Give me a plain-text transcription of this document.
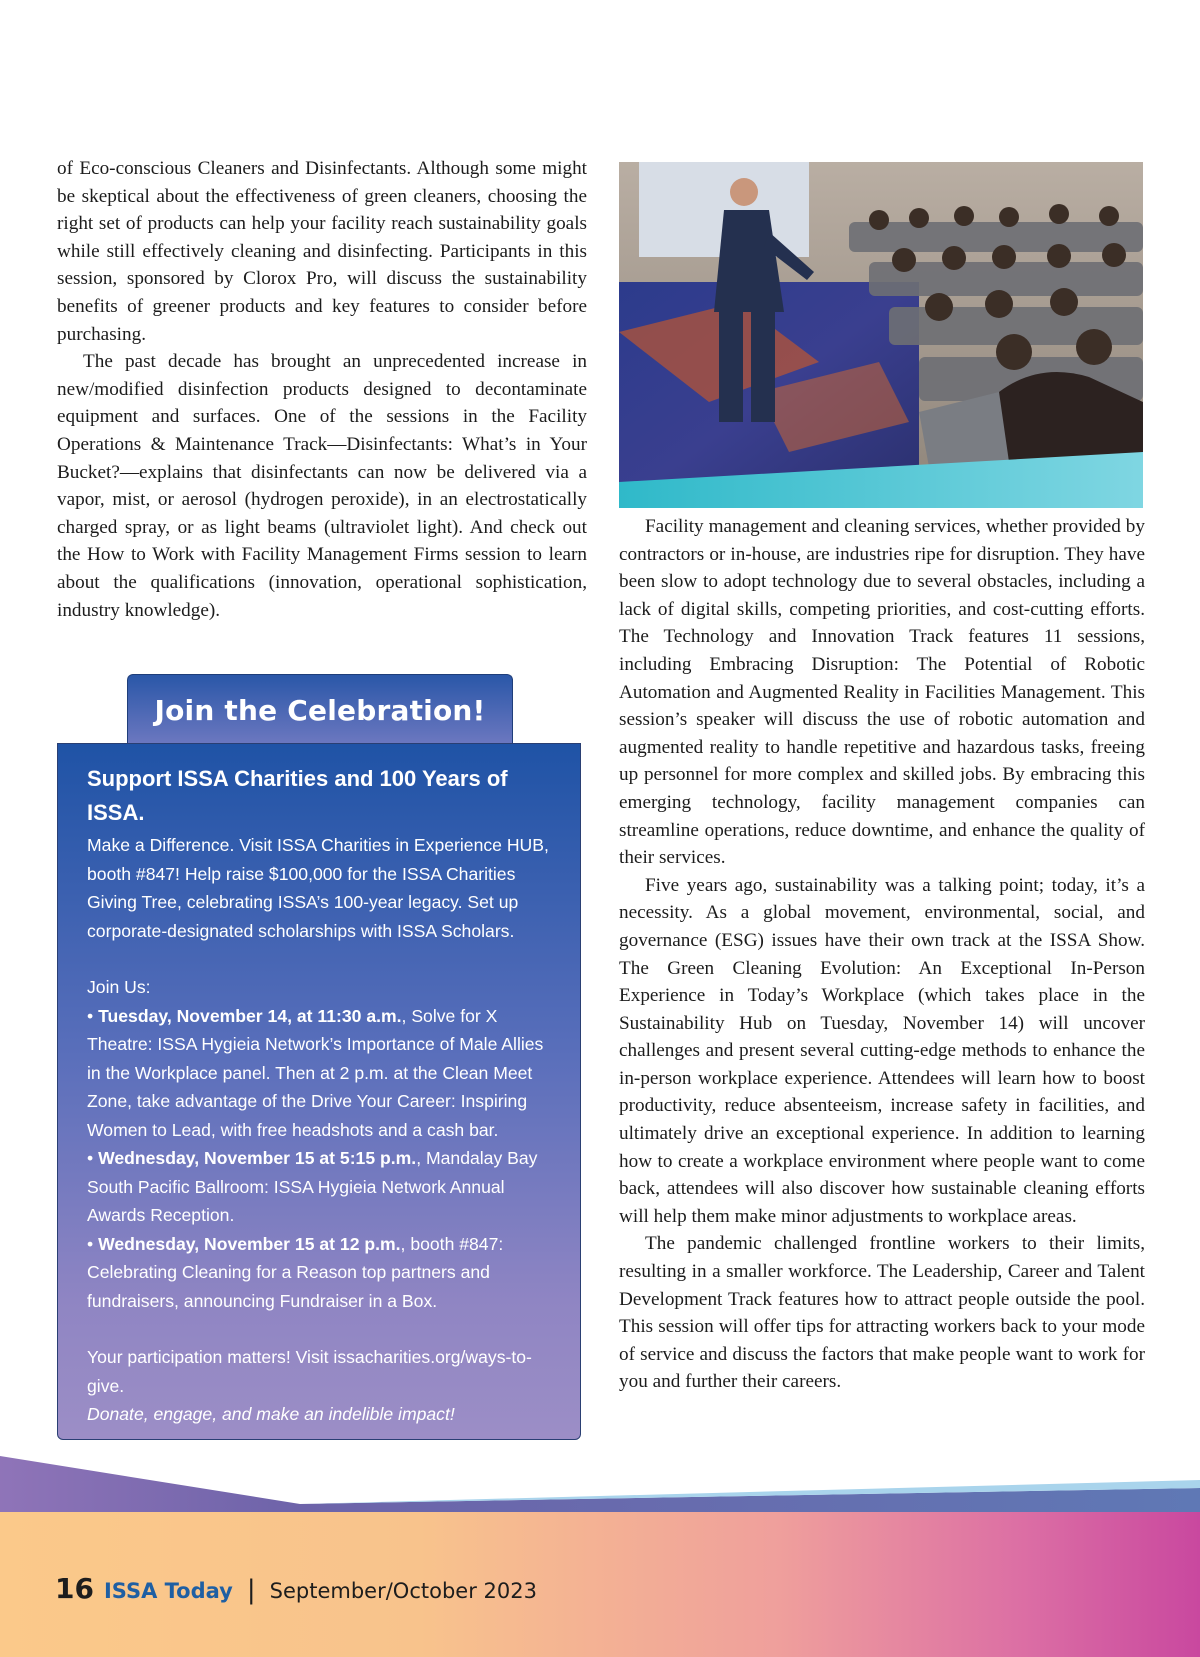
of Eco-conscious Cleaners and Disinfectants. Although some might be skeptical about the effectiveness of green cleaners, choosing the right set of products can help your facility reach sustainability goals while still effectively cleaning and disinfecting. Participants in this session, sponsored by Clorox Pro, will discuss the sustainability benefits of greener products and key features to consider before purchasing.

The past decade has brought an unprecedented increase in new/modified disinfection products designed to decontaminate equipment and surfaces. One of the sessions in the Facility Operations & Maintenance Track—Disinfectants: What’s in Your Bucket?—explains that disinfectants can now be delivered via a vapor, mist, or aerosol (hydrogen peroxide), in an electrostatically charged spray, or as light beams (ultraviolet light). And check out the How to Work with Facility Management Firms session to learn about the qualifications (innovation, operational sophistication, industry knowledge).

Join the Celebration!

Support ISSA Charities and 100 Years of ISSA.

Make a Difference. Visit ISSA Charities in Experience HUB, booth #847! Help raise $100,000 for the ISSA Charities Giving Tree, celebrating ISSA’s 100-year legacy. Set up corporate-designated scholarships with ISSA Scholars.

Join Us:

• Tuesday, November 14, at 11:30 a.m., Solve for X Theatre: ISSA Hygieia Network’s Importance of Male Allies in the Workplace panel. Then at 2 p.m. at the Clean Meet Zone, take advantage of the Drive Your Career: Inspiring Women to Lead, with free headshots and a cash bar.

• Wednesday, November 15 at 5:15 p.m., Mandalay Bay South Pacific Ballroom: ISSA Hygieia Network Annual Awards Reception.

• Wednesday, November 15 at 12 p.m., booth #847: Celebrating Cleaning for a Reason top partners and fundraisers, announcing Fundraiser in a Box.

Your participation matters! Visit issacharities.org/ways-to-give.

Donate, engage, and make an indelible impact!

Facility management and cleaning services, whether provided by contractors or in-house, are industries ripe for disruption. They have been slow to adopt technology due to several obstacles, including a lack of digital skills, competing priorities, and cost-cutting efforts. The Technology and Innovation Track features 11 sessions, including Embracing Disruption: The Potential of Robotic Automation and Augmented Reality in Facilities Management. This session’s speaker will discuss the use of robotic automation and augmented reality to handle repetitive and hazardous tasks, freeing up personnel for more complex and skilled jobs. By embracing this emerging technology, facility management companies can streamline operations, reduce downtime, and enhance the quality of their services.

Five years ago, sustainability was a talking point; today, it’s a necessity. As a global movement, environmental, social, and governance (ESG) issues have their own track at the ISSA Show. The Green Cleaning Evolution: An Exceptional In-Person Experience in Today’s Workplace (which takes place in the Sustainability Hub on Tuesday, November 14) will uncover challenges and present several cutting-edge methods to enhance the in-person workplace experience. Attendees will learn how to boost productivity, reduce absenteeism, increase safety in facilities, and ultimately drive an exceptional experience. In addition to learning how to create a workplace environment where people want to come back, attendees will also discover how sustainable cleaning efforts will help them make minor adjustments to workplace areas.

The pandemic challenged frontline workers to their limits, resulting in a smaller workforce. The Leadership, Career and Talent Development Track features how to attract people outside the pool. This session will offer tips for attracting workers back to your mode of service and discuss the factors that make people want to work for you and further their careers.

16 ISSA Today | September/October 2023
